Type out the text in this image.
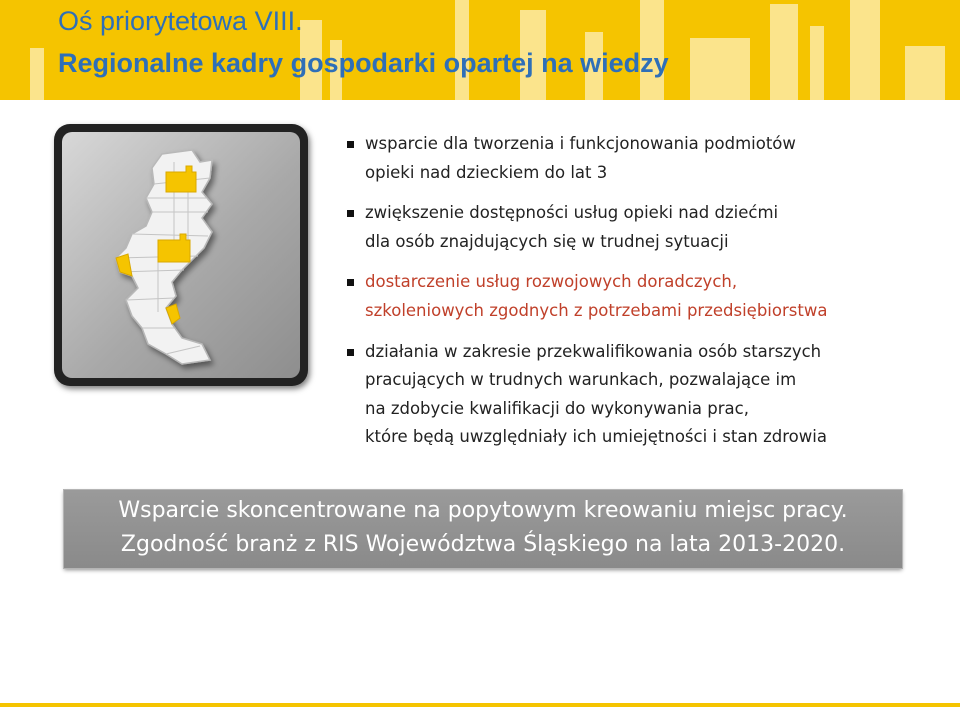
Oś priorytetowa VIII.
Regionalne kadry gospodarki opartej na wiedzy
wsparcie dla tworzenia i funkcjonowania podmiotów
opieki nad dzieckiem do lat 3
zwiększenie dostępności usług opieki nad dziećmi
dla osób znajdujących się w trudnej sytuacji
dostarczenie usług rozwojowych doradczych,
szkoleniowych zgodnych z potrzebami przedsiębiorstwa
działania w zakresie przekwalifikowania osób starszych
pracujących w trudnych warunkach, pozwalające im
na zdobycie kwalifikacji do wykonywania prac,
które będą uwzględniały ich umiejętności i stan zdrowia
Wsparcie skoncentrowane na popytowym kreowaniu miejsc pracy.
Zgodność branż z RIS Województwa Śląskiego na lata 2013-2020.
